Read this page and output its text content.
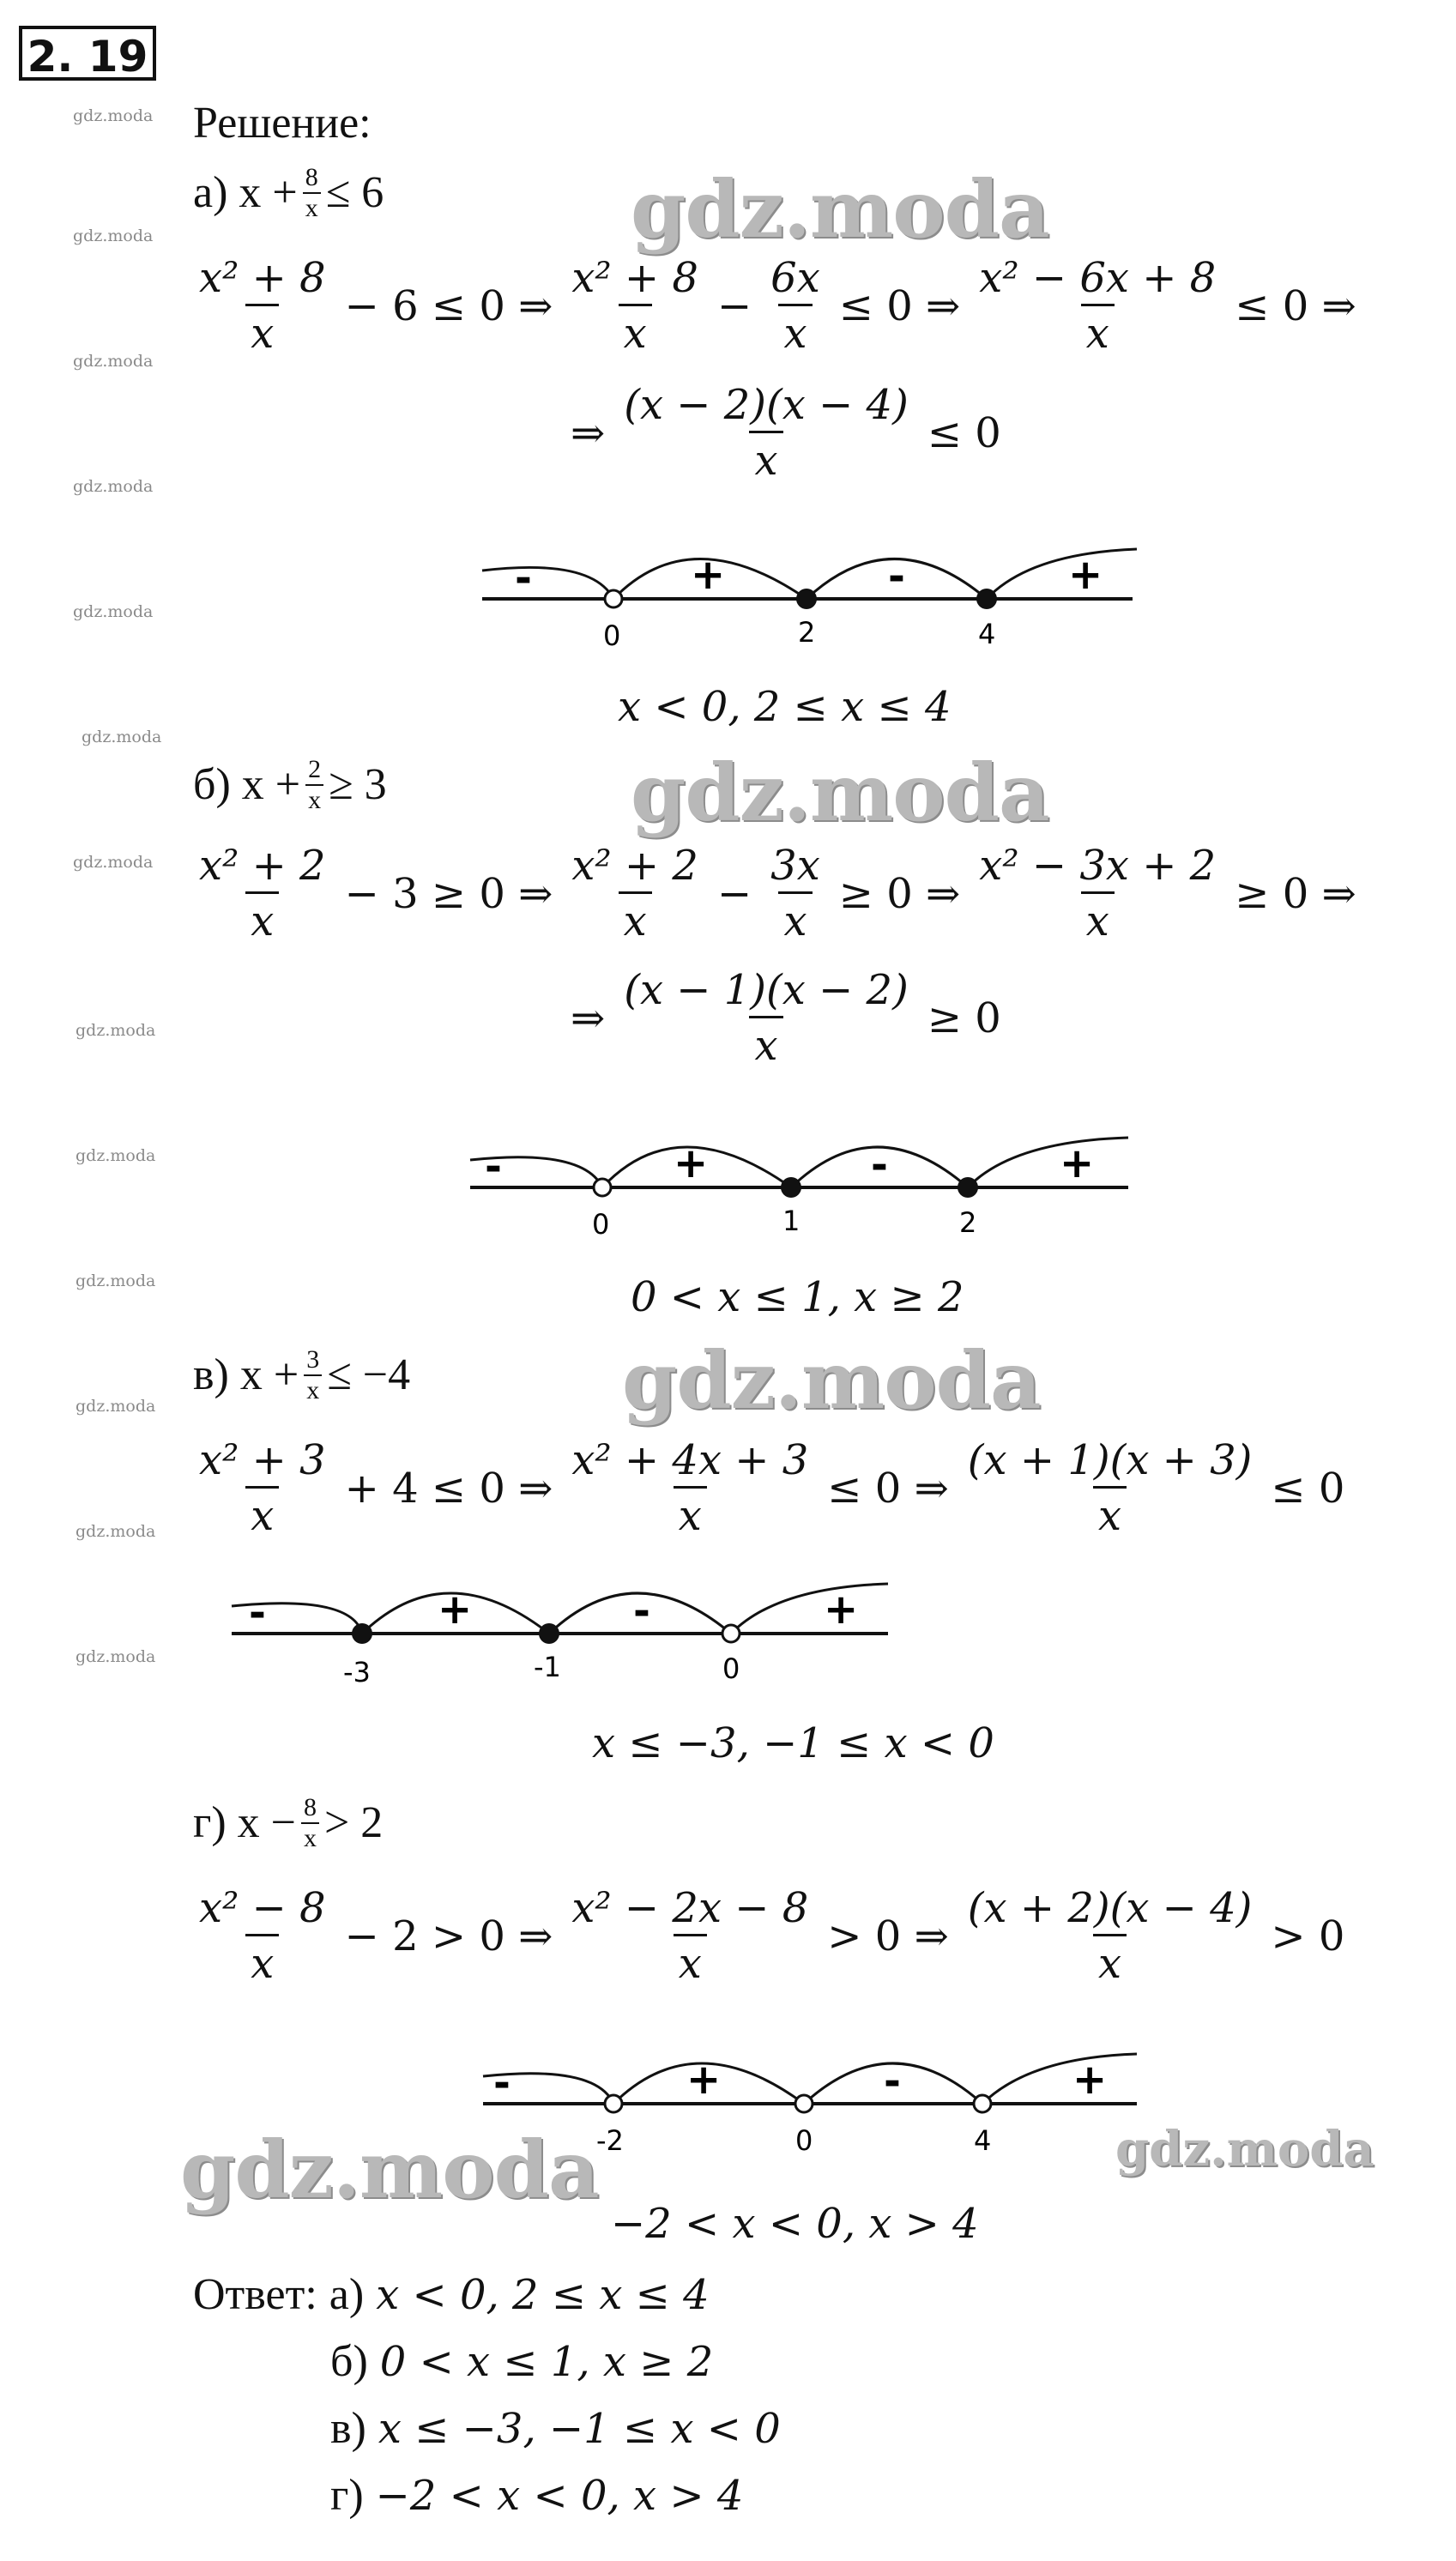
2. 19
gdz.moda
gdz.moda
gdz.moda
gdz.moda
gdz.moda
gdz.moda
gdz.moda
gdz.moda
gdz.moda
gdz.moda
gdz.moda
gdz.moda
gdz.moda
gdz.moda
gdz.moda
gdz.moda
gdz.moda	gdz.moda
Решение:
а) $x + \frac{8}{x} \le 6$
$\frac{\text{x² + 8}}{x} - 6 \le 0$ ⇒ $\frac{\text{x² + 8}}{x} - \frac{6x}{x} \le 0$ ⇒ $\frac{\text{x² − 6x + 8}}{x} \le 0$ ⇒
⇒ $\frac{(x - 2)(x - 4)}{x} \le 0$
-	+	-	+
0	2	4
x < 0, 2 ≤ x ≤ 4
б) $x + \frac{2}{x} \ge 3$
$\frac{\text{x² + 2}}{x} - 3 \ge 0$ ⇒ $\frac{\text{x² + 2}}{x} - \frac{3x}{x} \ge 0$ ⇒ $\frac{\text{x² − 3x + 2}}{x} \ge 0$ ⇒
⇒ $\frac{(x - 1)(x - 2)}{x} \ge 0$
-	+	-	+
0	1	2
0 < x ≤ 1, x ≥ 2
в) $x + \frac{3}{x} \le -4$
$\frac{\text{x² + 3}}{x} + 4 \le 0$ ⇒ $\frac{\text{x² + 4x + 3}}{x} \le 0$ ⇒ $\frac{(x + 1)(x + 3)}{x} \le 0$
-	+	-	+
-3	-1	0
x ≤ −3, −1 ≤ x < 0
г) $x - \frac{8}{x} > 2$
$\frac{\text{x² − 8}}{x} - 2 > 0$ ⇒ $\frac{\text{x² − 2x − 8}}{x} > 0$ ⇒ $\frac{(x + 2)(x - 4)}{x} > 0$
-	+	-	+
-2	0	4
−2 < x < 0, x > 4
Ответ: а) x < 0, 2 ≤ x ≤ 4
б) 0 < x ≤ 1, x ≥ 2
в) x ≤ −3, −1 ≤ x < 0
г) −2 < x < 0, x > 4
